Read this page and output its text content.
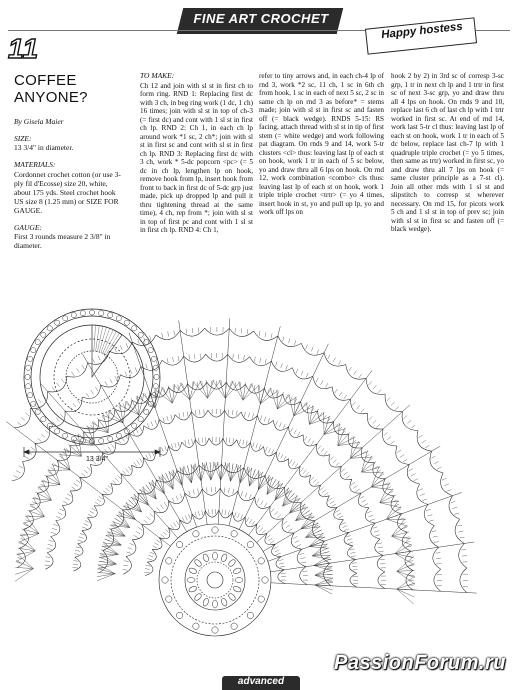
FINE ART CROCHET
Happy hostess
11
COFFEE ANYONE?
By Gisela Maier
SIZE:
13 3/4" in diameter.
MATERIALS:
Cordonnet crochet cotton (or use 3-ply fil d'Ecosse) size 20, white, about 175 yds. Steel crochet hook US size 8 (1.25 mm) or SIZE FOR GAUGE.
GAUGE:
First 3 rounds measure 2 3/8" in diameter.
TO MAKE:

Ch 12 and join with sl st in first ch to form ring. RND 1: Replacing first dc with 3 ch, in beg ring work (1 dc, 1 ch) 16 times; join with sl st in top of ch-3 (= first dc) and cont with 1 sl st in first ch lp. RND 2: Ch 1, in each ch lp around work *1 sc, 2 ch*; join with sl st in first sc and cont with sl st in first ch lp. RND 3: Replacing first dc with 3 ch, work * 5-dc popcorn <pc> (= 5 dc in ch lp, lengthen lp on hook, remove hook from lp, insert hook from front to back in first dc of 5-dc grp just made, pick up dropped lp and pull it thru tightening thread at the same time), 4 ch, rep from *; join with sl st in top of first pc and cont with 1 sl st in first ch lp. RND 4: Ch 1,

refer to tiny arrows and, in each ch-4 lp of rnd 3, work *2 sc, 11 ch, 1 sc in 6th ch from hook, 1 sc in each of next 5 sc, 2 sc in same ch lp on rnd 3 as before* = stems made; join with sl st in first sc and fasten off (= black wedge). RNDS 5-15: RS facing, attach thread with sl st in tip of first stem (= white wedge) and work following pat diagram. On rnds 9 and 14, work 5-tr clusters <cl> thus: leaving last lp of each st on hook, work 1 tr in each of 5 sc below, yo and draw thru all 6 lps on hook. On rnd 12, work combination <combo> cls thus: leaving last lp of each st on hook, work 1 triple triple crochet <trtr> (= yo 4 times, insert hook in st, yo and pull up lp, yo and work off lps on

hook 2 by 2) in 3rd sc of corresp 3-sc grp, 1 tr in next ch lp and 1 trtr in first sc of next 3-sc grp, yo and draw thru all 4 lps on hook. On rnds 9 and 10, replace last 6 ch of last ch lp with 1 trtr worked in first sc. At end of rnd 14, work last 5-tr cl thus: leaving last lp of each st on hook, work 1 tr in each of 5 dc below, replace last ch-7 lp with 1 quadruple triple crochet (= yo 5 times, then same as trtr) worked in first sc, yo and draw thru all 7 lps on hook (= same cluster principle as a 7-st cl). Join all other rnds with 1 sl st and slipstitch to corresp st wherever necessary. On rnd 15, for picots work 5 ch and 1 sl st in top of prev sc; join with sl st in first sc and fasten off (= black wedge).

13 3/4"
advanced
PassionForum.ru
